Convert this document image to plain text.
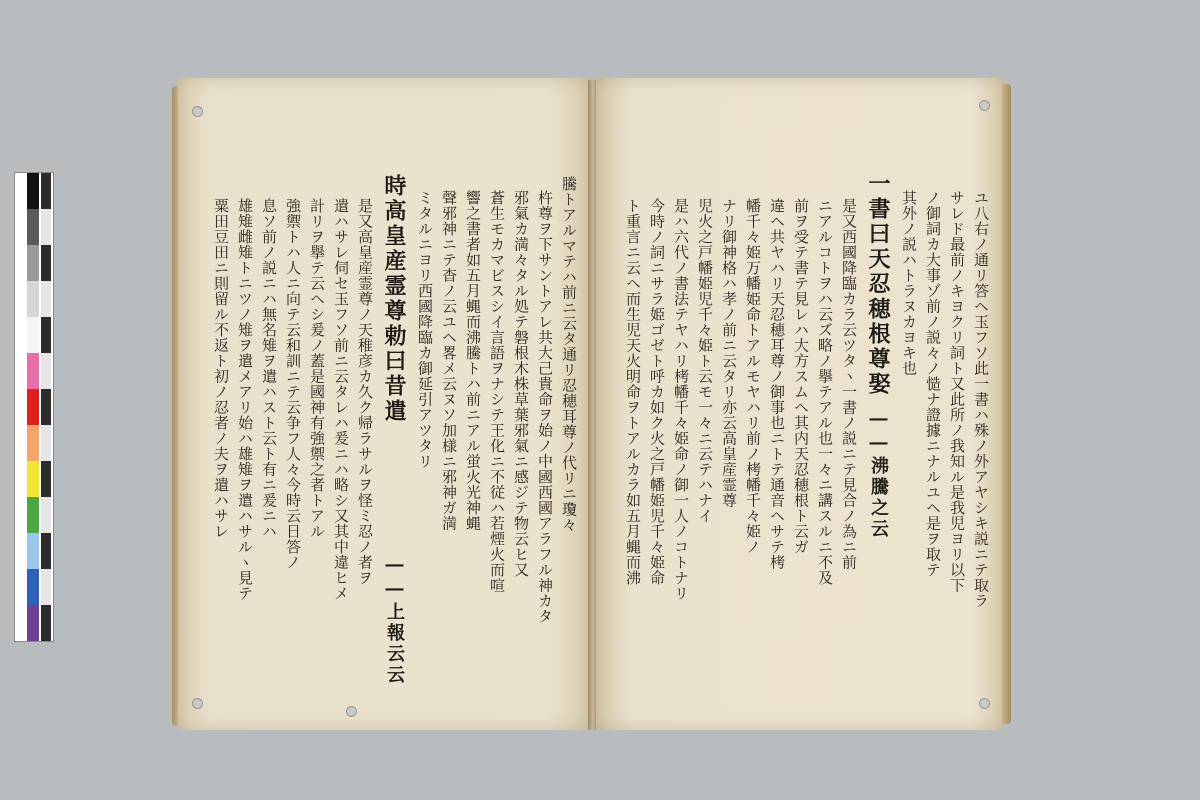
騰トアルマテハ前ニ云タ通リ忍穂耳尊ノ代リニ瓊々
杵尊ヲ下サントアレ共大己貴命ヲ始ノ中國西國アラフル神カタ
邪氣カ満々タル処テ磐根木株草葉邪氣ニ感ジテ物云ヒ又
蒼生モカマビスシイ言語ヲナシテ王化ニ不従ハ若煙火而喧
響之書者如五月蝿而沸騰トハ前ニアル蛍火光神蝿
聲邪神ニテ杳ノ云ユヘ畧メ云ヌソ加様ニ邪神ガ満
ミタルニヨリ西國降臨カ御延引アツタリ
時高皇産霊尊勅曰昔遣
――上報云云
是又高皇産霊尊ノ天稚彦カ久ク帰ラサルヲ怪ミ忍ノ者ヲ
遣ハサレ伺セ玉フソ前ニ云タレハ爰ニハ略シ又其中違ヒメ
計リヲ擧テ云ヘシ爰ノ蓋是國神有強禦之者トアル
強禦トハ人ニ向テ云和訓ニテ云争フ人々今時云日答ノ
息ソ前ノ説ニハ無名雉ヲ遣ハスト云ト有ニ爰ニハ
雄雉雌雉トニツノ雉ヲ遣メアリ始ハ雄雉ヲ遣ハサルヽ見テ
粟田豆田ニ則留ル不返ト初ノ忍者ノ夫ヲ遣ハサレ	ユ八右ノ通リ答ヘ玉フソ此一書ハ殊ノ外アヤシキ説ニテ取ラ
サレド最前ノキヨクリ詞ト又此所ノ我知ル是我児ヨリ以下
ノ御詞カ大事ゾ前ノ説々ノ慥ナ證據ニナルユヘ是ヲ取テ
其外ノ説ハトラヌカヨキ也
一書曰天忍穂根尊娶
――沸騰之云
是又西國降臨カラ云ツタヽ一書ノ説ニテ見合ノ為ニ前
ニアルコトヲハ云ズ略ノ擧テアル也一々ニ講スルニ不及
前ヲ受テ書テ見レハ大方スムヘ其内天忍穂根ト云ガ
違ヘ共ヤハリ天忍穂耳尊ノ御事也ニトテ通音ヘサテ栲
幡千々姫万幡姫命トアルモヤハリ前ノ栲幡千々姫ノ
ナリ御神格ハ孝ノ前ニ云タリ亦云高皇産霊尊
児火之戸幡姫児千々姫ト云モ一々ニ云テハナイ
是ハ六代ノ書法テヤハリ栲幡千々姫命ノ御一人ノコトナリ
今時ノ詞ニサラ姫ゴゼト呼カ如ク火之戸幡姫児千々姫命
ト重言ニ云ヘ而生児天火明命ヲトアルカラ如五月蝿而沸
